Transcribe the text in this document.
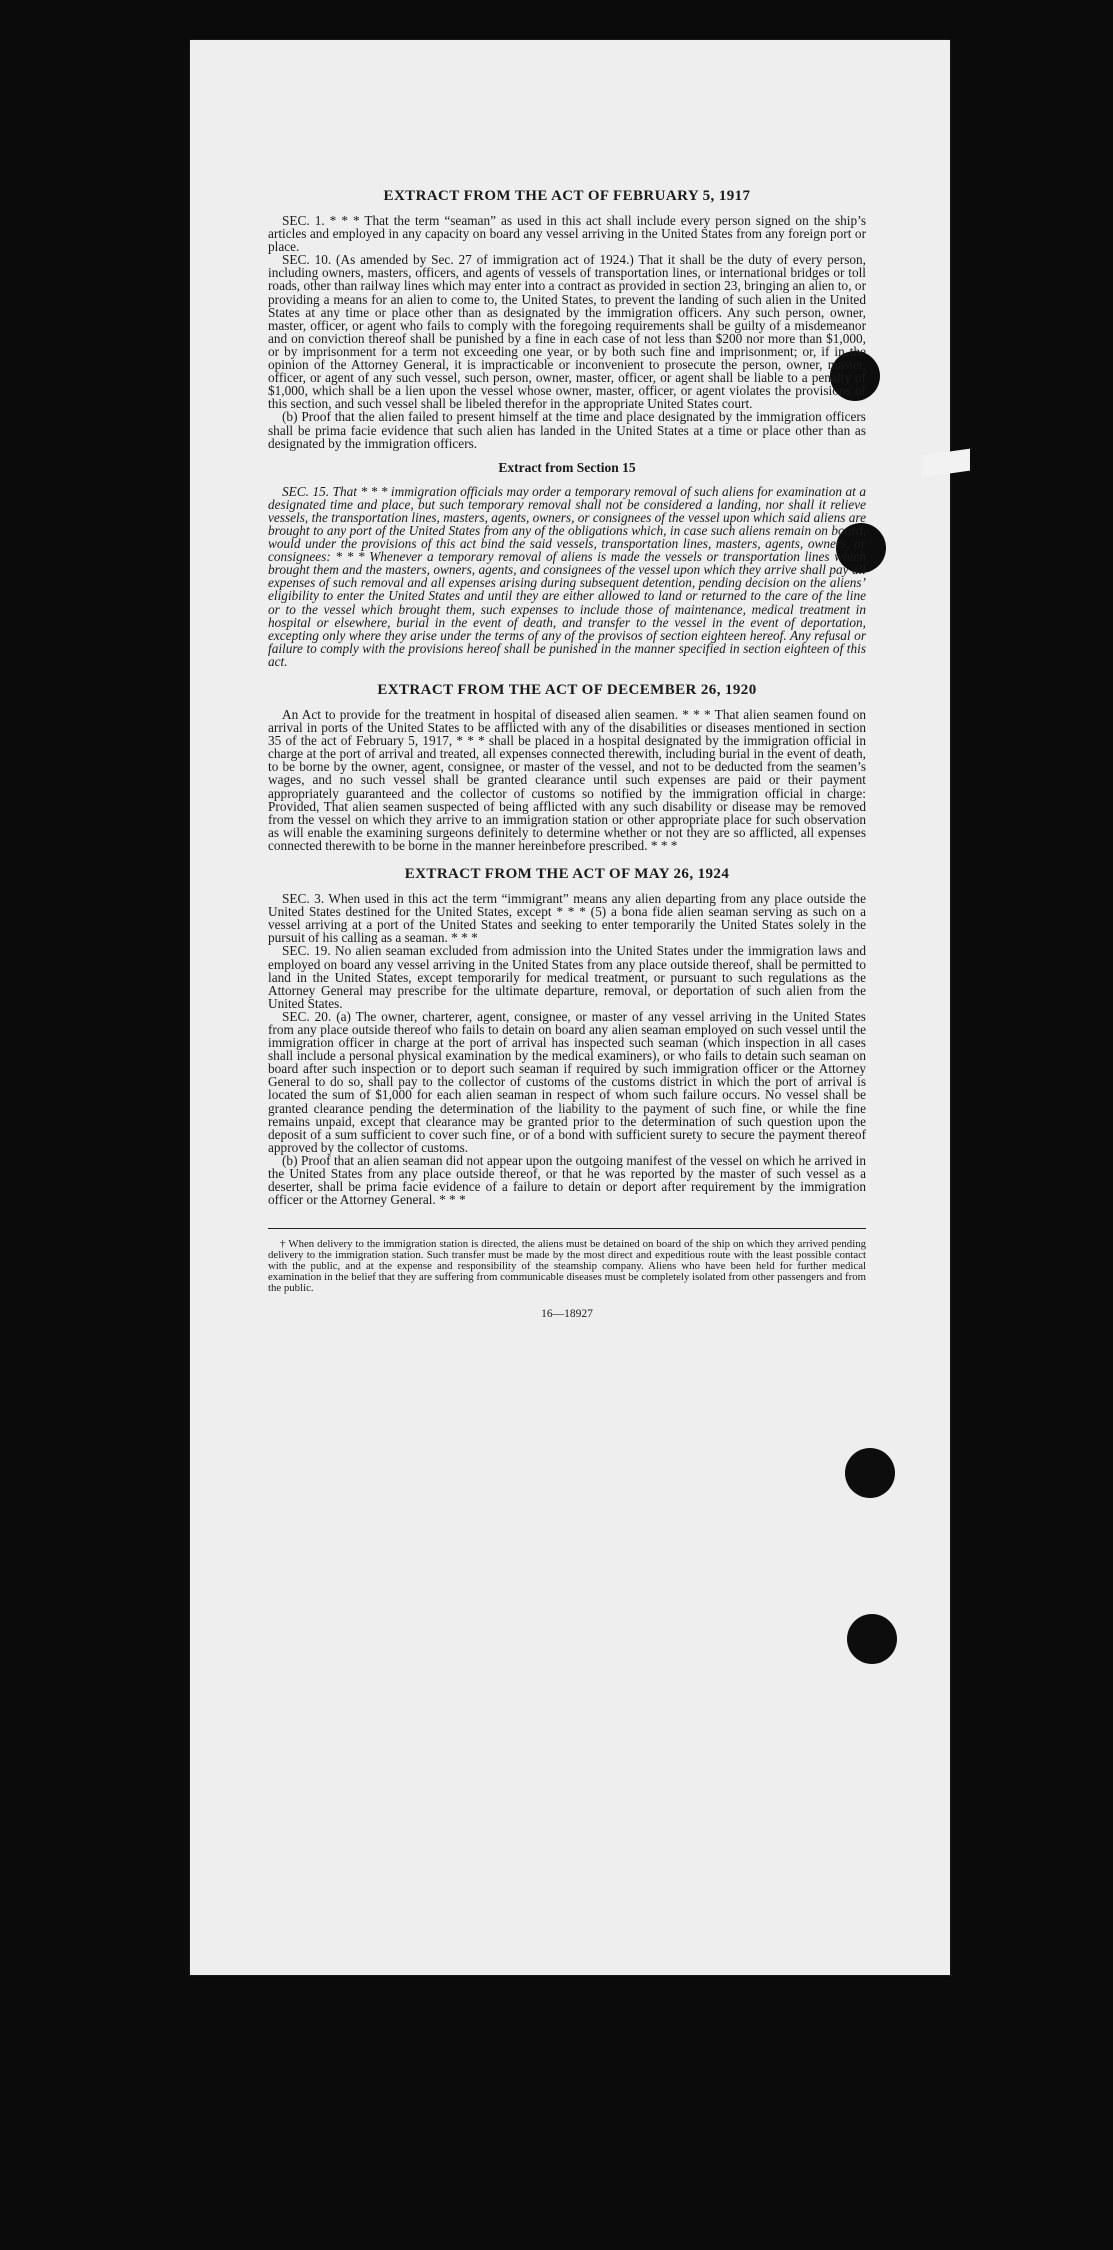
EXTRACT FROM THE ACT OF FEBRUARY 5, 1917

SEC. 1. * * * That the term “seaman” as used in this act shall include every person signed on the ship’s articles and employed in any capacity on board any vessel arriving in the United States from any foreign port or place.

SEC. 10. (As amended by Sec. 27 of immigration act of 1924.) That it shall be the duty of every person, including owners, masters, officers, and agents of vessels of transportation lines, or international bridges or toll roads, other than railway lines which may enter into a contract as provided in section 23, bringing an alien to, or providing a means for an alien to come to, the United States, to prevent the landing of such alien in the United States at any time or place other than as designated by the immigration officers. Any such person, owner, master, officer, or agent who fails to comply with the foregoing requirements shall be guilty of a misdemeanor and on conviction thereof shall be punished by a fine in each case of not less than $200 nor more than $1,000, or by imprisonment for a term not exceeding one year, or by both such fine and imprisonment; or, if in the opinion of the Attorney General, it is impracticable or inconvenient to prosecute the person, owner, master, officer, or agent of any such vessel, such person, owner, master, officer, or agent shall be liable to a penalty of $1,000, which shall be a lien upon the vessel whose owner, master, officer, or agent violates the provisions of this section, and such vessel shall be libeled therefor in the appropriate United States court.

(b) Proof that the alien failed to present himself at the time and place designated by the immigration officers shall be prima facie evidence that such alien has landed in the United States at a time or place other than as designated by the immigration officers.

Extract from Section 15

SEC. 15. That * * * immigration officials may order a temporary removal of such aliens for examination at a designated time and place, but such temporary removal shall not be considered a landing, nor shall it relieve vessels, the transportation lines, masters, agents, owners, or consignees of the vessel upon which said aliens are brought to any port of the United States from any of the obligations which, in case such aliens remain on board, would under the provisions of this act bind the said vessels, transportation lines, masters, agents, owners, or consignees: * * * Whenever a temporary removal of aliens is made the vessels or transportation lines which brought them and the masters, owners, agents, and consignees of the vessel upon which they arrive shall pay all expenses of such removal and all expenses arising during subsequent detention, pending decision on the aliens’ eligibility to enter the United States and until they are either allowed to land or returned to the care of the line or to the vessel which brought them, such expenses to include those of maintenance, medical treatment in hospital or elsewhere, burial in the event of death, and transfer to the vessel in the event of deportation, excepting only where they arise under the terms of any of the provisos of section eighteen hereof. Any refusal or failure to comply with the provisions hereof shall be punished in the manner specified in section eighteen of this act.

EXTRACT FROM THE ACT OF DECEMBER 26, 1920

An Act to provide for the treatment in hospital of diseased alien seamen. * * * That alien seamen found on arrival in ports of the United States to be afflicted with any of the disabilities or diseases mentioned in section 35 of the act of February 5, 1917, * * * shall be placed in a hospital designated by the immigration official in charge at the port of arrival and treated, all expenses connected therewith, including burial in the event of death, to be borne by the owner, agent, consignee, or master of the vessel, and not to be deducted from the seamen’s wages, and no such vessel shall be granted clearance until such expenses are paid or their payment appropriately guaranteed and the collector of customs so notified by the immigration official in charge: Provided, That alien seamen suspected of being afflicted with any such disability or disease may be removed from the vessel on which they arrive to an immigration station or other appropriate place for such observation as will enable the examining surgeons definitely to determine whether or not they are so afflicted, all expenses connected therewith to be borne in the manner hereinbefore prescribed. * * *

EXTRACT FROM THE ACT OF MAY 26, 1924

SEC. 3. When used in this act the term “immigrant” means any alien departing from any place outside the United States destined for the United States, except * * * (5) a bona fide alien seaman serving as such on a vessel arriving at a port of the United States and seeking to enter temporarily the United States solely in the pursuit of his calling as a seaman. * * *

SEC. 19. No alien seaman excluded from admission into the United States under the immigration laws and employed on board any vessel arriving in the United States from any place outside thereof, shall be permitted to land in the United States, except temporarily for medical treatment, or pursuant to such regulations as the Attorney General may prescribe for the ultimate departure, removal, or deportation of such alien from the United States.

SEC. 20. (a) The owner, charterer, agent, consignee, or master of any vessel arriving in the United States from any place outside thereof who fails to detain on board any alien seaman employed on such vessel until the immigration officer in charge at the port of arrival has inspected such seaman (which inspection in all cases shall include a personal physical examination by the medical examiners), or who fails to detain such seaman on board after such inspection or to deport such seaman if required by such immigration officer or the Attorney General to do so, shall pay to the collector of customs of the customs district in which the port of arrival is located the sum of $1,000 for each alien seaman in respect of whom such failure occurs. No vessel shall be granted clearance pending the determination of the liability to the payment of such fine, or while the fine remains unpaid, except that clearance may be granted prior to the determination of such question upon the deposit of a sum sufficient to cover such fine, or of a bond with sufficient surety to secure the payment thereof approved by the collector of customs.

(b) Proof that an alien seaman did not appear upon the outgoing manifest of the vessel on which he arrived in the United States from any place outside thereof, or that he was reported by the master of such vessel as a deserter, shall be prima facie evidence of a failure to detain or deport after requirement by the immigration officer or the Attorney General. * * *

† When delivery to the immigration station is directed, the aliens must be detained on board of the ship on which they arrived pending delivery to the immigration station. Such transfer must be made by the most direct and expeditious route with the least possible contact with the public, and at the expense and responsibility of the steamship company. Aliens who have been held for further medical examination in the belief that they are suffering from communicable diseases must be completely isolated from other passengers and from the public.

16—18927
